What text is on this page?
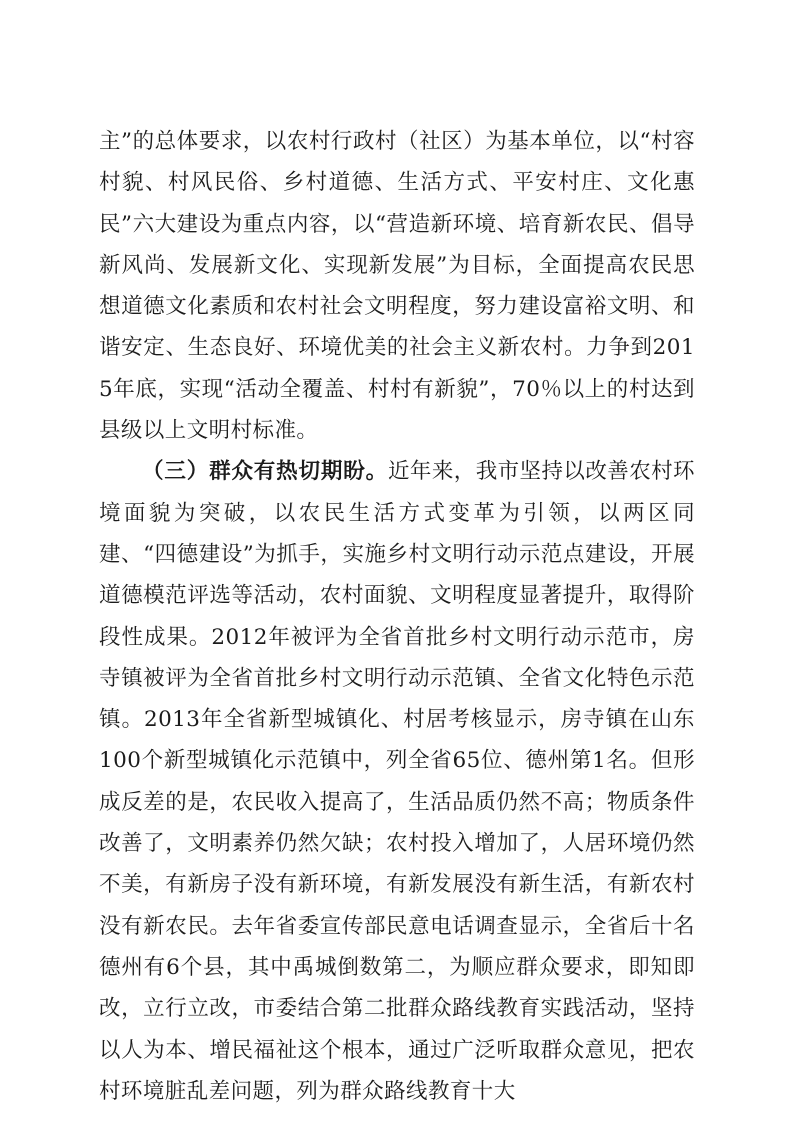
主”的总体要求，以农村行政村（社区）为基本单位，以“村容村貌、村风民俗、乡村道德、生活方式、平安村庄、文化惠民”六大建设为重点内容，以“营造新环境、培育新农民、倡导新风尚、发展新文化、实现新发展”为目标，全面提高农民思想道德文化素质和农村社会文明程度，努力建设富裕文明、和谐安定、生态良好、环境优美的社会主义新农村。力争到2015年底，实现“活动全覆盖、村村有新貌”，70％以上的村达到县级以上文明村标准。

（三）群众有热切期盼。近年来，我市坚持以改善农村环境面貌为突破，以农民生活方式变革为引领，以两区同建、“四德建设”为抓手，实施乡村文明行动示范点建设，开展道德模范评选等活动，农村面貌、文明程度显著提升，取得阶段性成果。2012年被评为全省首批乡村文明行动示范市，房寺镇被评为全省首批乡村文明行动示范镇、全省文化特色示范镇。2013年全省新型城镇化、村居考核显示，房寺镇在山东100个新型城镇化示范镇中，列全省65位、德州第1名。但形成反差的是，农民收入提高了，生活品质仍然不高；物质条件改善了，文明素养仍然欠缺；农村投入增加了，人居环境仍然不美，有新房子没有新环境，有新发展没有新生活，有新农村没有新农民。去年省委宣传部民意电话调查显示，全省后十名德州有6个县，其中禹城倒数第二，为顺应群众要求，即知即改，立行立改，市委结合第二批群众路线教育实践活动，坚持以人为本、增民福祉这个根本，通过广泛听取群众意见，把农村环境脏乱差问题，列为群众路线教育十大
